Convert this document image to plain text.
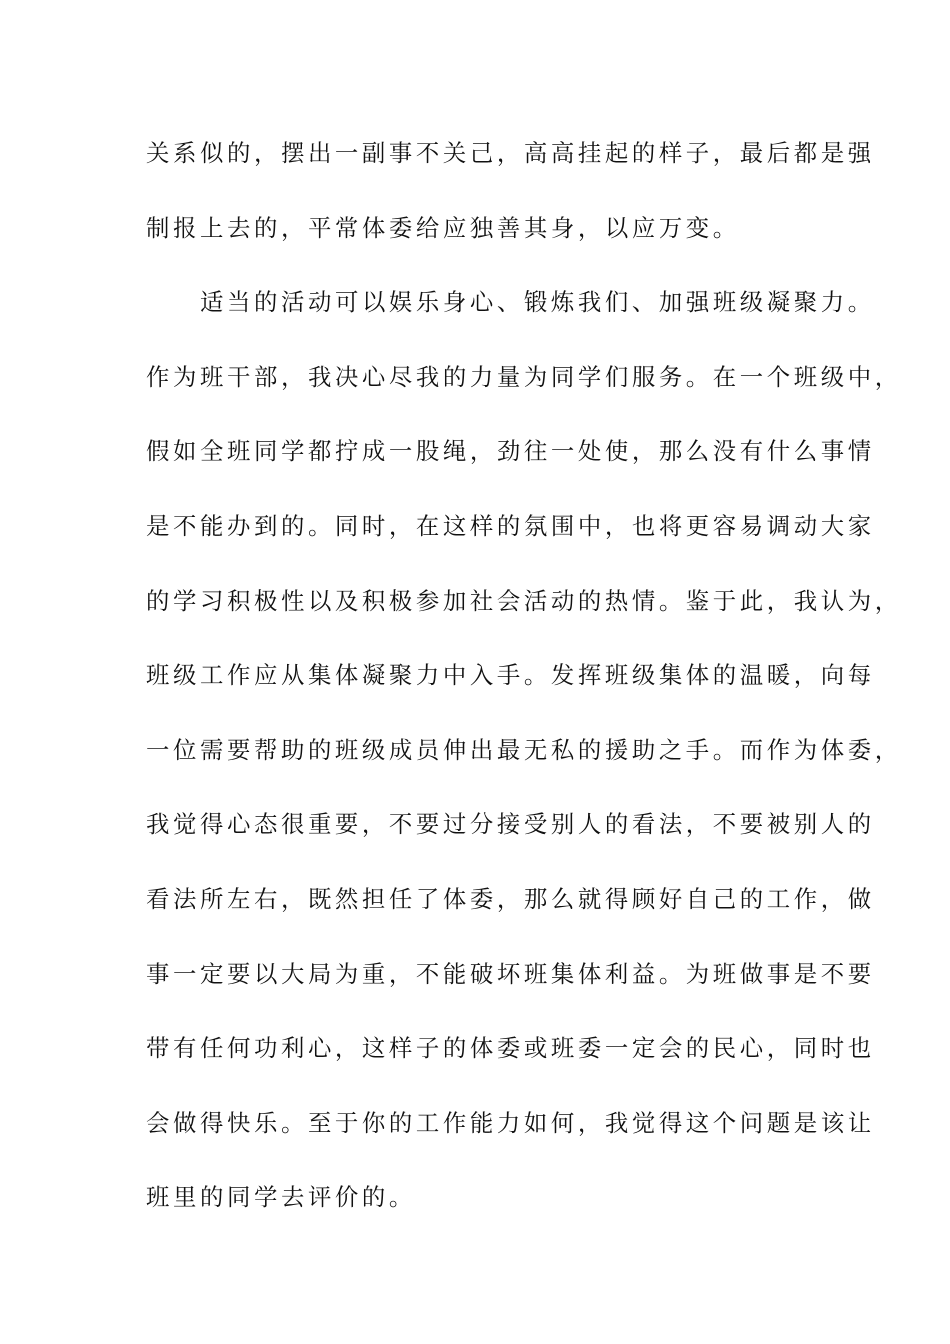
关系似的，摆出一副事不关己，高高挂起的样子，最后都是强
制报上去的，平常体委给应独善其身，以应万变。
适当的活动可以娱乐身心、锻炼我们、加强班级凝聚力。
作为班干部，我决心尽我的力量为同学们服务。在一个班级中，
假如全班同学都拧成一股绳，劲往一处使，那么没有什么事情
是不能办到的。同时，在这样的氛围中，也将更容易调动大家
的学习积极性以及积极参加社会活动的热情。鉴于此，我认为，
班级工作应从集体凝聚力中入手。发挥班级集体的温暖，向每
一位需要帮助的班级成员伸出最无私的援助之手。而作为体委，
我觉得心态很重要，不要过分接受别人的看法，不要被别人的
看法所左右，既然担任了体委，那么就得顾好自己的工作，做
事一定要以大局为重，不能破坏班集体利益。为班做事是不要
带有任何功利心，这样子的体委或班委一定会的民心，同时也
会做得快乐。至于你的工作能力如何，我觉得这个问题是该让
班里的同学去评价的。
